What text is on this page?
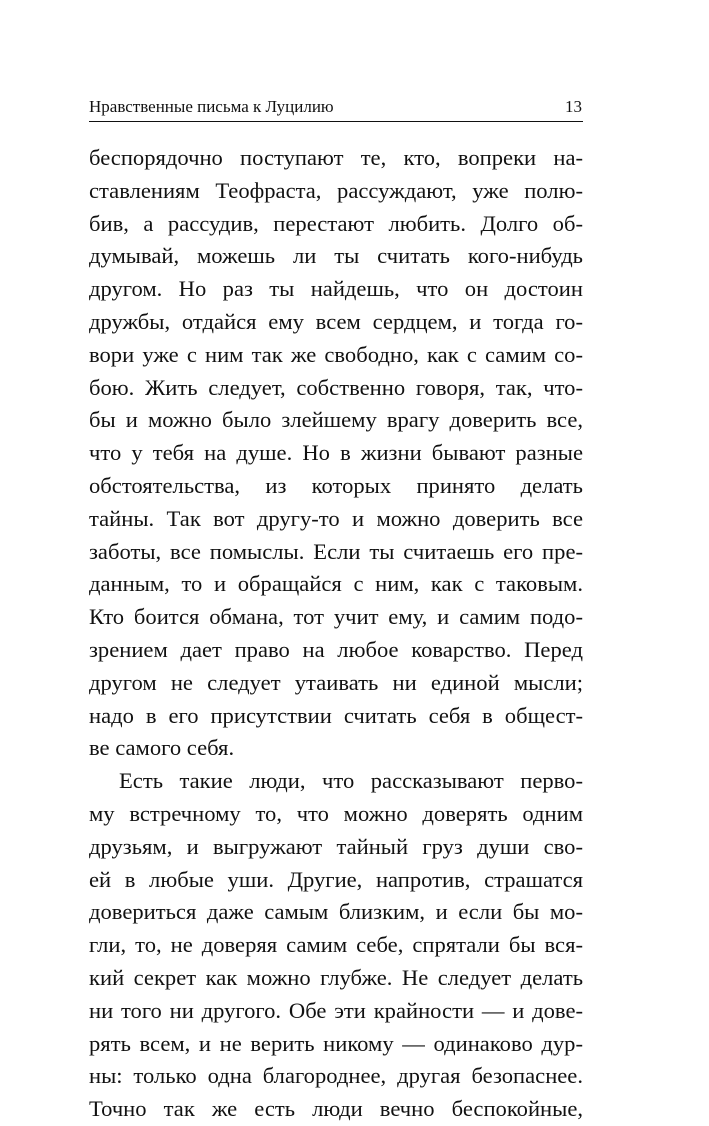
Нравственные письма к Луцилию	13
беспорядочно поступают те, кто, вопреки на-
ставлениям Теофраста, рассуждают, уже полю-
бив, а рассудив, перестают любить. Долго об-
думывай, можешь ли ты считать кого-нибудь
другом. Но раз ты найдешь, что он достоин
дружбы, отдайся ему всем сердцем, и тогда го-
вори уже с ним так же свободно, как с самим со-
бою. Жить следует, собственно говоря, так, что-
бы и можно было злейшему врагу доверить все,
что у тебя на душе. Но в жизни бывают разные
обстоятельства, из которых принято делать
тайны. Так вот другу-то и можно доверить все
заботы, все помыслы. Если ты считаешь его пре-
данным, то и обращайся с ним, как с таковым.
Кто боится обмана, тот учит ему, и самим подо-
зрением дает право на любое коварство. Перед
другом не следует утаивать ни единой мысли;
надо в его присутствии считать себя в общест-
ве самого себя.
Есть такие люди, что рассказывают перво-
му встречному то, что можно доверять одним
друзьям, и выгружают тайный груз души сво-
ей в любые уши. Другие, напротив, страшатся
довериться даже самым близким, и если бы мо-
гли, то, не доверяя самим себе, спрятали бы вся-
кий секрет как можно глубже. Не следует делать
ни того ни другого. Обе эти крайности — и дове-
рять всем, и не верить никому — одинаково дур-
ны: только одна благороднее, другая безопаснее.
Точно так же есть люди вечно беспокойные,
